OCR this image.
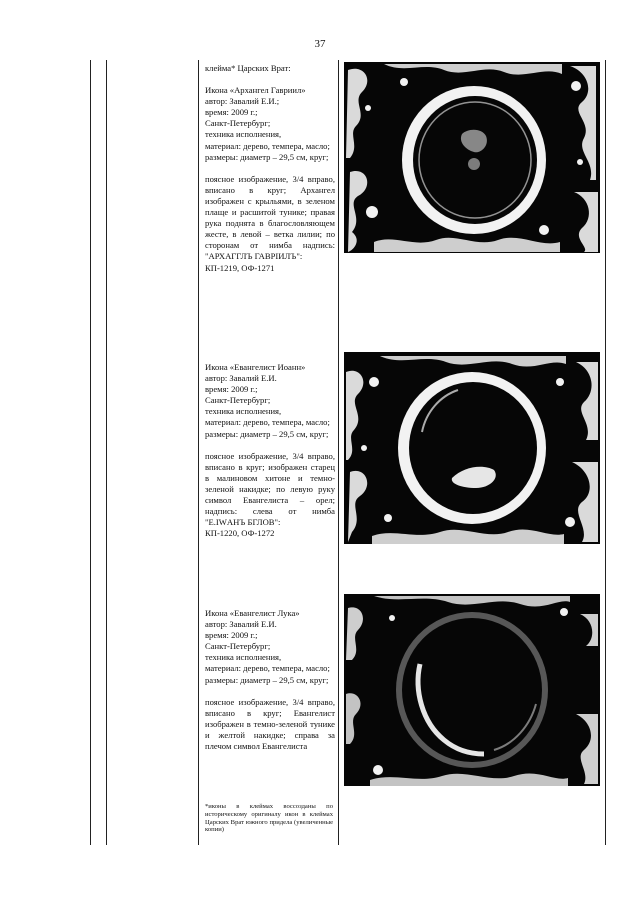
37

клейма* Царских Врат:

Икона «Архангел Гавриил»

автор: Завалий Е.И.;

время: 2009 г.;

Санкт-Петербург;

техника исполнения,

материал: дерево, темпера, масло;

размеры: диаметр – 29,5 см, круг;

поясное изображение, 3/4 вправо, вписано в круг; Архангел изображен с крыльями, в зеленом плаще и расшитой тунике; правая рука поднята в благословляющем жесте, в левой – ветка лилии; по сторонам от нимба надпись: "АРХАГГЛЪ ГАВРIИЛЪ":

КП-1219, ОФ-1271

Икона «Евангелист Иоанн»

автор: Завалий Е.И.

время: 2009 г.;

Санкт-Петербург;

техника исполнения,

материал: дерево, темпера, масло;

размеры: диаметр – 29,5 см, круг;

поясное изображение, 3/4 вправо, вписано в круг; изображен старец в малиновом хитоне и темно-зеленой накидке; по левую руку символ Евангелиста – орел; надпись: слева от нимба "Е.IWАНЪ БГЛОВ":

КП-1220, ОФ-1272

Икона «Евангелист Лука»

автор: Завалий Е.И.

время: 2009 г.;

Санкт-Петербург;

техника исполнения,

материал: дерево, темпера, масло;

размеры: диаметр – 29,5 см, круг;

поясное изображение, 3/4 вправо, вписано в круг; Евангелист изображен в темно-зеленой тунике и желтой накидке; справа за плечом символ Евангелиста

*иконы в клеймах воссозданы по историческому оригиналу икон в клеймах Царских Врат южного придела (увеличенные копии)
